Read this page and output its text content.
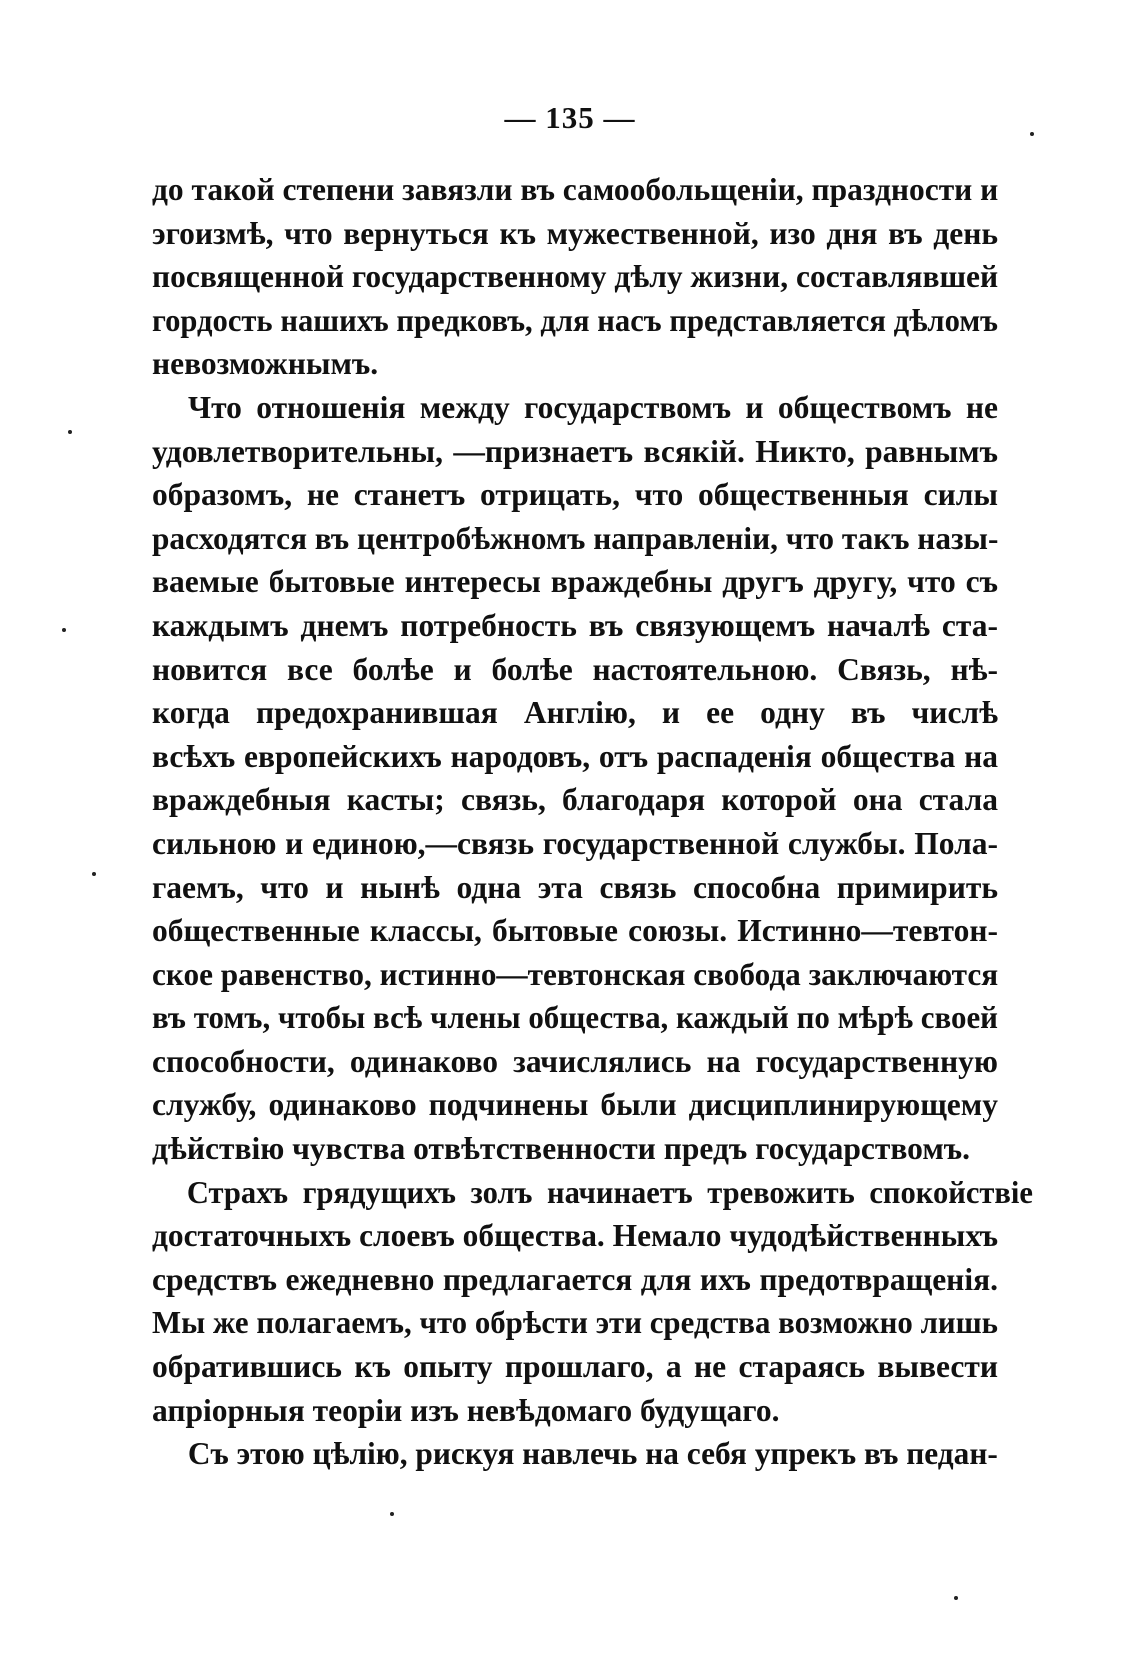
— 135 —
до такой степени завязли въ самообольщеніи, праздности и
эгоизмѣ, что вернуться къ мужественной, изо дня въ день
посвященной государственному дѣлу жизни, составлявшей
гордость нашихъ предковъ, для насъ представляется дѣломъ
невозможнымъ.
Что отношенія между государствомъ и обществомъ не
удовлетворительны, —признаетъ всякій. Никто, равнымъ
образомъ, не станетъ отрицать, что общественныя силы
расходятся въ центробѣжномъ направленіи, что такъ назы-
ваемые бытовые интересы враждебны другъ другу, что съ
каждымъ днемъ потребность въ связующемъ началѣ ста-
новится все болѣе и болѣе настоятельною. Связь, нѣ-
когда предохранившая Англію, и ее одну въ числѣ
всѣхъ европейскихъ народовъ, отъ распаденія общества на
враждебныя касты; связь, благодаря которой она стала
сильною и единою,—связь государственной службы. Пола-
гаемъ, что и нынѣ одна эта связь способна примирить
общественные классы, бытовые союзы. Истинно—тевтон-
ское равенство, истинно—тевтонская свобода заключаются
въ томъ, чтобы всѣ члены общества, каждый по мѣрѣ своей
способности, одинаково зачислялись на государственную
службу, одинаково подчинены были дисциплинирующему
дѣйствію чувства отвѣтственности предъ государствомъ.
Страхъ грядущихъ золъ начинаетъ тревожить спокойствіе
достаточныхъ слоевъ общества. Немало чудодѣйственныхъ
средствъ ежедневно предлагается для ихъ предотвращенія.
Мы же полагаемъ, что обрѣсти эти средства возможно лишь
обратившись къ опыту прошлаго, а не стараясь вывести
апріорныя теоріи изъ невѣдомаго будущаго.
Съ этою цѣлію, рискуя навлечь на себя упрекъ въ педан-
